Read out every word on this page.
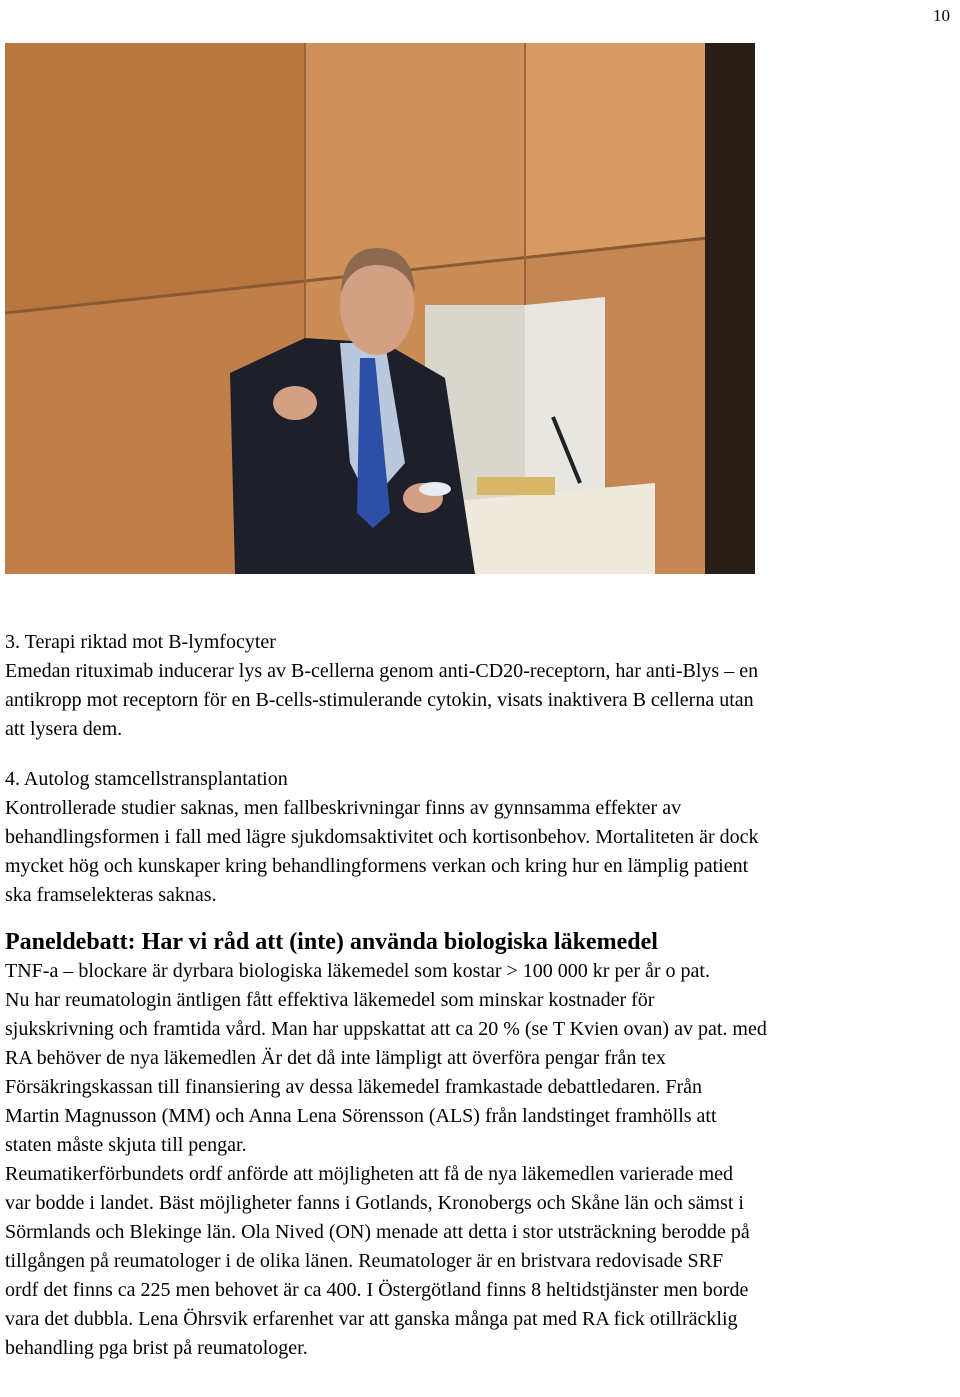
10

3. Terapi riktad mot B-lymfocyter

Emedan rituximab inducerar lys av B-cellerna genom anti-CD20-receptorn, har anti-Blys – en

antikropp mot receptorn för en B-cells-stimulerande cytokin, visats inaktivera B cellerna utan

att lysera dem.

4. Autolog stamcellstransplantation

Kontrollerade studier saknas, men fallbeskrivningar finns av gynnsamma effekter av

behandlingsformen i fall med lägre sjukdomsaktivitet och kortisonbehov. Mortaliteten är dock

mycket hög och kunskaper kring behandlingformens verkan och kring hur en lämplig patient

ska framselekteras saknas.

Paneldebatt: Har vi råd att (inte) använda biologiska läkemedel

TNF-a – blockare är dyrbara biologiska läkemedel som kostar > 100 000 kr per år o pat.

Nu har reumatologin äntligen fått effektiva läkemedel som minskar kostnader för

sjukskrivning och framtida vård. Man har uppskattat att ca 20 % (se T Kvien ovan) av pat. med

RA behöver de nya läkemedlen Är det då inte lämpligt att överföra pengar från tex

Försäkringskassan till finansiering av dessa läkemedel framkastade debattledaren. Från

Martin Magnusson (MM) och Anna Lena Sörensson (ALS) från landstinget framhölls att

staten måste skjuta till pengar.

Reumatikerförbundets ordf anförde att möjligheten att få de nya läkemedlen varierade med

var bodde i landet. Bäst möjligheter fanns i Gotlands, Kronobergs och Skåne län och sämst i

Sörmlands och Blekinge län. Ola Nived (ON) menade att detta i stor utsträckning berodde på

tillgången på reumatologer i de olika länen. Reumatologer är en bristvara redovisade SRF

ordf det finns ca 225 men behovet är ca 400. I Östergötland finns 8 heltidstjänster men borde

vara det dubbla. Lena Öhrsvik erfarenhet var att ganska många pat med RA fick otillräcklig

behandling pga brist på reumatologer.
